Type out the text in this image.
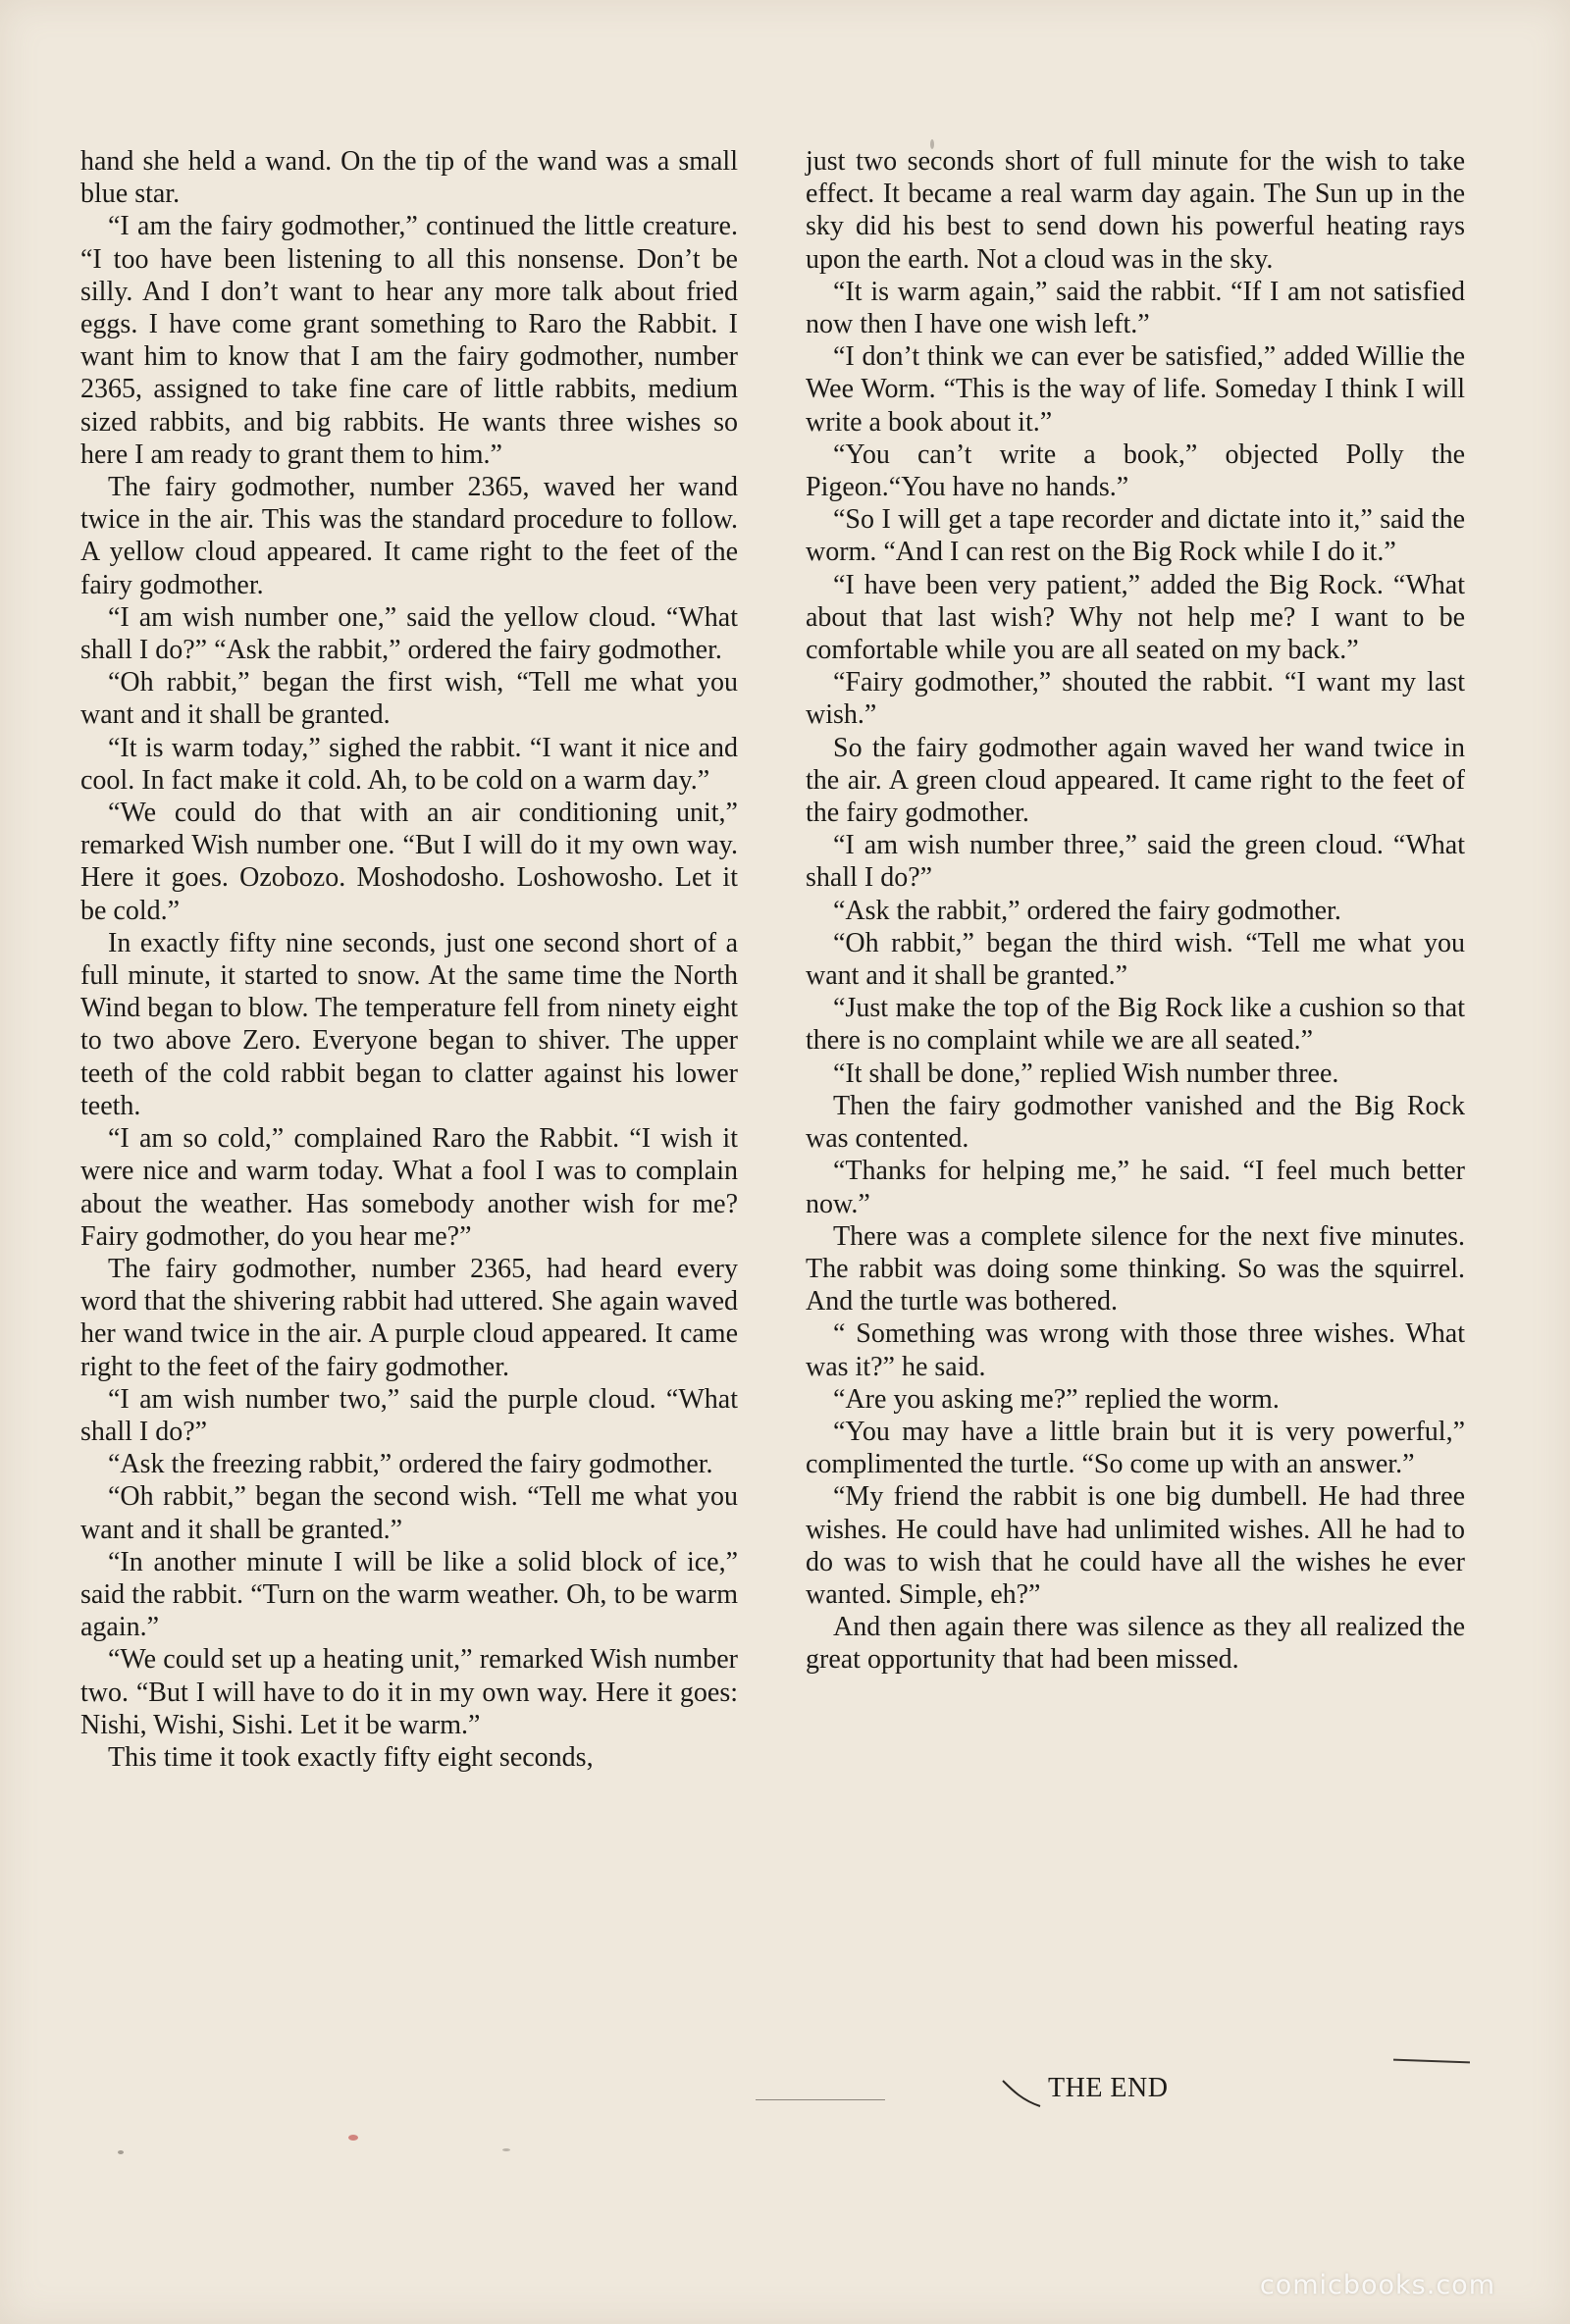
hand she held a wand. On the tip of the wand was a small blue star.

“I am the fairy godmother,” continued the little creature. “I too have been listening to all this nonsense. Don’t be silly. And I don’t want to hear any more talk about fried eggs. I have come grant something to Raro the Rabbit. I want him to know that I am the fairy godmother, number 2365, assigned to take fine care of little rabbits, medium sized rabbits, and big rabbits. He wants three wishes so here I am ready to grant them to him.”

The fairy godmother, number 2365, waved her wand twice in the air. This was the standard procedure to follow. A yellow cloud appeared. It came right to the feet of the fairy godmother.

“I am wish number one,” said the yellow cloud. “What shall I do?” “Ask the rabbit,” ordered the fairy godmother.

“Oh rabbit,” began the first wish, “Tell me what you want and it shall be granted.

“It is warm today,” sighed the rabbit. “I want it nice and cool. In fact make it cold. Ah, to be cold on a warm day.”

“We could do that with an air conditioning unit,” remarked Wish number one. “But I will do it my own way. Here it goes. Ozobozo. Moshodosho. Loshowosho. Let it be cold.”

In exactly fifty nine seconds, just one second short of a full minute, it started to snow. At the same time the North Wind began to blow. The temperature fell from ninety eight to two above Zero. Everyone began to shiver. The upper teeth of the cold rabbit began to clatter against his lower teeth.

“I am so cold,” complained Raro the Rabbit. “I wish it were nice and warm today. What a fool I was to complain about the weather. Has somebody another wish for me? Fairy godmother, do you hear me?”

The fairy godmother, number 2365, had heard every word that the shivering rabbit had uttered. She again waved her wand twice in the air. A purple cloud appeared. It came right to the feet of the fairy godmother.

“I am wish number two,” said the purple cloud. “What shall I do?”

“Ask the freezing rabbit,” ordered the fairy godmother.

“Oh rabbit,” began the second wish. “Tell me what you want and it shall be granted.”

“In another minute I will be like a solid block of ice,” said the rabbit. “Turn on the warm weather. Oh, to be warm again.”

“We could set up a heating unit,” remarked Wish number two. “But I will have to do it in my own way. Here it goes: Nishi, Wishi, Sishi. Let it be warm.”

This time it took exactly fifty eight seconds,

just two seconds short of full minute for the wish to take effect. It became a real warm day again. The Sun up in the sky did his best to send down his powerful heating rays upon the earth. Not a cloud was in the sky.

“It is warm again,” said the rabbit. “If I am not satisfied now then I have one wish left.”

“I don’t think we can ever be satisfied,” added Willie the Wee Worm. “This is the way of life. Someday I think I will write a book about it.”

“You can’t write a book,” objected Polly the Pigeon.“You have no hands.”

“So I will get a tape recorder and dictate into it,” said the worm. “And I can rest on the Big Rock while I do it.”

“I have been very patient,” added the Big Rock. “What about that last wish? Why not help me? I want to be comfortable while you are all seated on my back.”

“Fairy godmother,” shouted the rabbit. “I want my last wish.”

So the fairy godmother again waved her wand twice in the air. A green cloud appeared. It came right to the feet of the fairy godmother.

“I am wish number three,” said the green cloud. “What shall I do?”

“Ask the rabbit,” ordered the fairy godmother.

“Oh rabbit,” began the third wish. “Tell me what you want and it shall be granted.”

“Just make the top of the Big Rock like a cushion so that there is no complaint while we are all seated.”

“It shall be done,” replied Wish number three.

Then the fairy godmother vanished and the Big Rock was contented.

“Thanks for helping me,” he said. “I feel much better now.”

There was a complete silence for the next five minutes. The rabbit was doing some thinking. So was the squirrel. And the turtle was bothered.

“ Something was wrong with those three wishes. What was it?” he said.

“Are you asking me?” replied the worm.

“You may have a little brain but it is very powerful,” complimented the turtle. “So come up with an answer.”

“My friend the rabbit is one big dumbell. He had three wishes. He could have had unlimited wishes. All he had to do was to wish that he could have all the wishes he ever wanted. Simple, eh?”

And then again there was silence as they all realized the great opportunity that had been missed.

THE END
comicbooks.com
